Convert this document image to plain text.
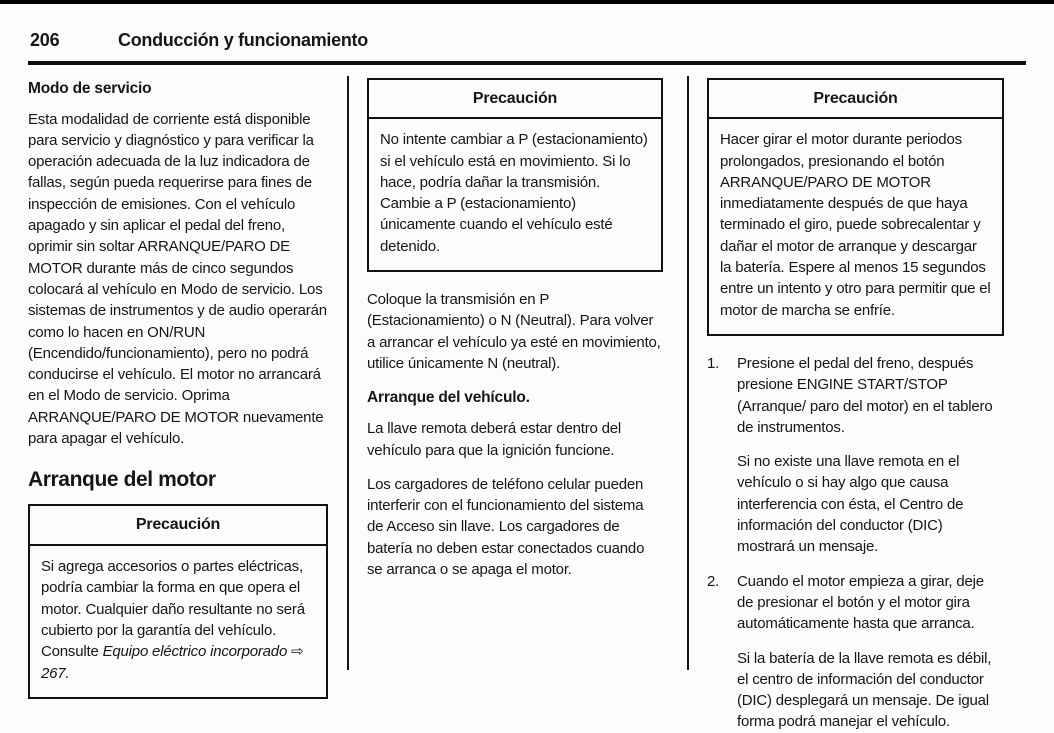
206	Conducción y funcionamiento
Modo de servicio

Esta modalidad de corriente está disponible para servicio y diagnóstico y para verificar la operación adecuada de la luz indicadora de fallas, según pueda requerirse para fines de inspección de emisiones. Con el vehículo apagado y sin aplicar el pedal del freno, oprimir sin soltar ARRANQUE/PARO DE MOTOR durante más de cinco segundos colocará al vehículo en Modo de servicio. Los sistemas de instrumentos y de audio operarán como lo hacen en ON/RUN (Encendido/funcionamiento), pero no podrá conducirse el vehículo. El motor no arrancará en el Modo de servicio. Oprima ARRANQUE/PARO DE MOTOR nuevamente para apagar el vehículo.

Arranque del motor
Precaución

Si agrega accesorios o partes eléctricas, podría cambiar la forma en que opera el motor. Cualquier daño resultante no será cubierto por la garantía del vehículo. Consulte Equipo eléctrico incorporado ⇨ 267.

Precaución

No intente cambiar a P (estacionamiento) si el vehículo está en movimiento. Si lo hace, podría dañar la transmisión. Cambie a P (estacionamiento) únicamente cuando el vehículo esté detenido.

Coloque la transmisión en P (Estacionamiento) o N (Neutral). Para volver a arrancar el vehículo ya esté en movimiento, utilice únicamente N (neutral).

Arranque del vehículo.

La llave remota deberá estar dentro del vehículo para que la ignición funcione.

Los cargadores de teléfono celular pueden interferir con el funcionamiento del sistema de Acceso sin llave. Los cargadores de batería no deben estar conectados cuando se arranca o se apaga el motor.

Precaución

Hacer girar el motor durante periodos prolongados, presionando el botón ARRANQUE/PARO DE MOTOR inmediatamente después de que haya terminado el giro, puede sobrecalentar y dañar el motor de arranque y descargar la batería. Espere al menos 15 segundos entre un intento y otro para permitir que el motor de marcha se enfríe.

1.	Presione el pedal del freno, después presione ENGINE START/STOP (Arranque/ paro del motor) en el tablero de instrumentos.

Si no existe una llave remota en el vehículo o si hay algo que causa interferencia con ésta, el Centro de información del conductor (DIC) mostrará un mensaje.

2.	Cuando el motor empieza a girar, deje de presionar el botón y el motor gira automáticamente hasta que arranca.

Si la batería de la llave remota es débil, el centro de información del conductor (DIC) desplegará un mensaje. De igual forma podrá manejar el vehículo.
